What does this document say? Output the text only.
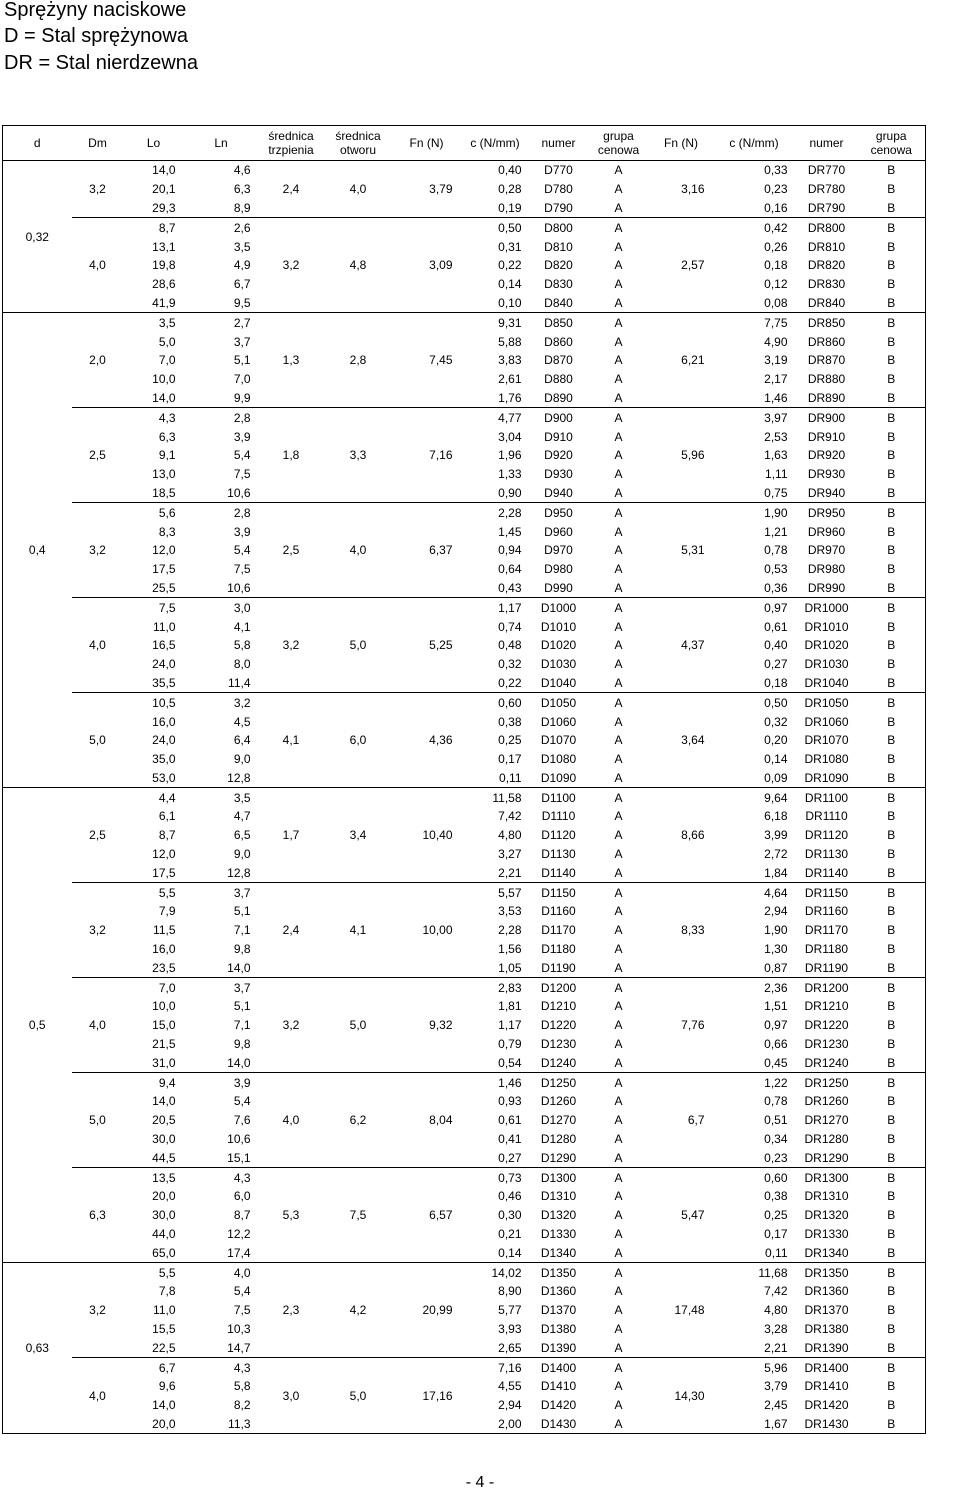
Sprężyny naciskowe
D = Stal sprężynowa
DR = Stal nierdzewna
d	Dm	Lo	Ln	średnica trzpienia	średnica otworu	Fn (N)	c (N/mm)	numer	grupa cenowa	Fn (N)	c (N/mm)	numer	grupa cenowa
0,32	3,2	14,0	4,6	2,4	4,0	3,79	0,40	D770	A	3,16	0,33	DR770	B
		20,1	6,3				0,28	D780	A		0,23	DR780	B
		29,3	8,9				0,19	D790	A		0,16	DR790	B
	4,0	8,7	2,6	3,2	4,8	3,09	0,50	D800	A	2,57	0,42	DR800	B
		13,1	3,5				0,31	D810	A		0,26	DR810	B
		19,8	4,9				0,22	D820	A		0,18	DR820	B
		28,6	6,7				0,14	D830	A		0,12	DR830	B
		41,9	9,5				0,10	D840	A		0,08	DR840	B
0,4	2,0	3,5	2,7	1,3	2,8	7,45	9,31	D850	A	6,21	7,75	DR850	B
		5,0	3,7				5,88	D860	A		4,90	DR860	B
		7,0	5,1				3,83	D870	A		3,19	DR870	B
		10,0	7,0				2,61	D880	A		2,17	DR880	B
		14,0	9,9				1,76	D890	A		1,46	DR890	B
	2,5	4,3	2,8	1,8	3,3	7,16	4,77	D900	A	5,96	3,97	DR900	B
		6,3	3,9				3,04	D910	A		2,53	DR910	B
		9,1	5,4				1,96	D920	A		1,63	DR920	B
		13,0	7,5				1,33	D930	A		1,11	DR930	B
		18,5	10,6				0,90	D940	A		0,75	DR940	B
	3,2	5,6	2,8	2,5	4,0	6,37	2,28	D950	A	5,31	1,90	DR950	B
		8,3	3,9				1,45	D960	A		1,21	DR960	B
		12,0	5,4				0,94	D970	A		0,78	DR970	B
		17,5	7,5				0,64	D980	A		0,53	DR980	B
		25,5	10,6				0,43	D990	A		0,36	DR990	B
	4,0	7,5	3,0	3,2	5,0	5,25	1,17	D1000	A	4,37	0,97	DR1000	B
		11,0	4,1				0,74	D1010	A		0,61	DR1010	B
		16,5	5,8				0,48	D1020	A		0,40	DR1020	B
		24,0	8,0				0,32	D1030	A		0,27	DR1030	B
		35,5	11,4				0,22	D1040	A		0,18	DR1040	B
	5,0	10,5	3,2	4,1	6,0	4,36	0,60	D1050	A	3,64	0,50	DR1050	B
		16,0	4,5				0,38	D1060	A		0,32	DR1060	B
		24,0	6,4				0,25	D1070	A		0,20	DR1070	B
		35,0	9,0				0,17	D1080	A		0,14	DR1080	B
		53,0	12,8				0,11	D1090	A		0,09	DR1090	B
0,5	2,5	4,4	3,5	1,7	3,4	10,40	11,58	D1100	A	8,66	9,64	DR1100	B
		6,1	4,7				7,42	D1110	A		6,18	DR1110	B
		8,7	6,5				4,80	D1120	A		3,99	DR1120	B
		12,0	9,0				3,27	D1130	A		2,72	DR1130	B
		17,5	12,8				2,21	D1140	A		1,84	DR1140	B
	3,2	5,5	3,7	2,4	4,1	10,00	5,57	D1150	A	8,33	4,64	DR1150	B
		7,9	5,1				3,53	D1160	A		2,94	DR1160	B
		11,5	7,1				2,28	D1170	A		1,90	DR1170	B
		16,0	9,8				1,56	D1180	A		1,30	DR1180	B
		23,5	14,0				1,05	D1190	A		0,87	DR1190	B
	4,0	7,0	3,7	3,2	5,0	9,32	2,83	D1200	A	7,76	2,36	DR1200	B
		10,0	5,1				1,81	D1210	A		1,51	DR1210	B
		15,0	7,1				1,17	D1220	A		0,97	DR1220	B
		21,5	9,8				0,79	D1230	A		0,66	DR1230	B
		31,0	14,0				0,54	D1240	A		0,45	DR1240	B
	5,0	9,4	3,9	4,0	6,2	8,04	1,46	D1250	A	6,7	1,22	DR1250	B
		14,0	5,4				0,93	D1260	A		0,78	DR1260	B
		20,5	7,6				0,61	D1270	A		0,51	DR1270	B
		30,0	10,6				0,41	D1280	A		0,34	DR1280	B
		44,5	15,1				0,27	D1290	A		0,23	DR1290	B
	6,3	13,5	4,3	5,3	7,5	6,57	0,73	D1300	A	5,47	0,60	DR1300	B
		20,0	6,0				0,46	D1310	A		0,38	DR1310	B
		30,0	8,7				0,30	D1320	A		0,25	DR1320	B
		44,0	12,2				0,21	D1330	A		0,17	DR1330	B
		65,0	17,4				0,14	D1340	A		0,11	DR1340	B
0,63	3,2	5,5	4,0	2,3	4,2	20,99	14,02	D1350	A	17,48	11,68	DR1350	B
		7,8	5,4				8,90	D1360	A		7,42	DR1360	B
		11,0	7,5				5,77	D1370	A		4,80	DR1370	B
		15,5	10,3				3,93	D1380	A		3,28	DR1380	B
		22,5	14,7				2,65	D1390	A		2,21	DR1390	B
	4,0	6,7	4,3	3,0	5,0	17,16	7,16	D1400	A	14,30	5,96	DR1400	B
		9,6	5,8				4,55	D1410	A		3,79	DR1410	B
		14,0	8,2				2,94	D1420	A		2,45	DR1420	B
		20,0	11,3				2,00	D1430	A		1,67	DR1430	B
- 4 -
